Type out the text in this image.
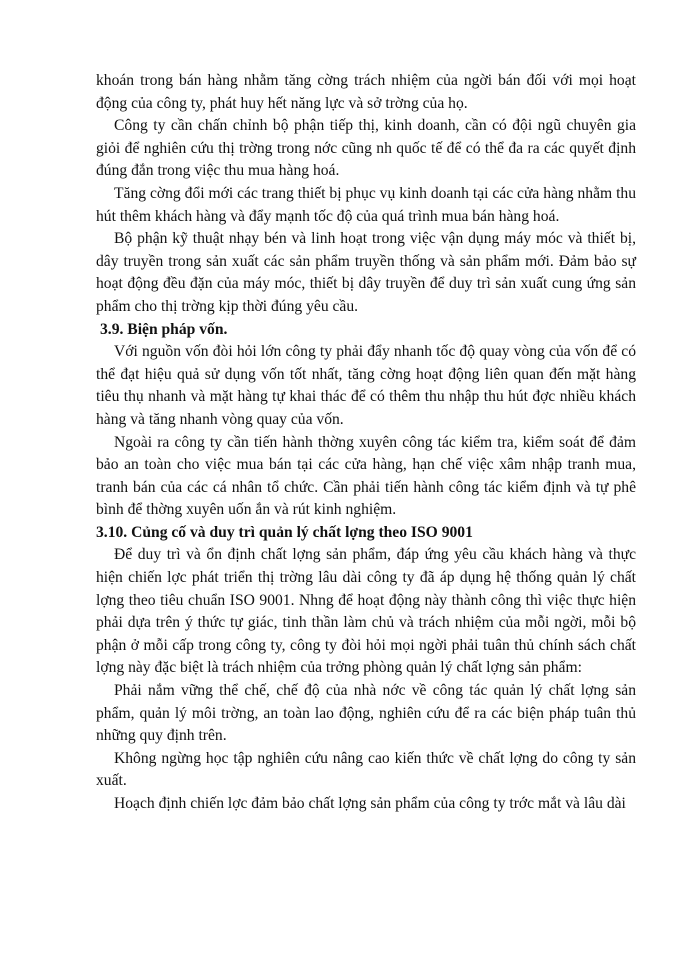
khoán trong bán hàng nhằm tăng cờng trách nhiệm của ngời bán đối với mọi hoạt động của công ty, phát huy hết năng lực và sở trờng của họ.

Công ty cần chấn chỉnh bộ phận tiếp thị, kinh doanh, cần có đội ngũ chuyên gia giỏi để nghiên cứu thị trờng trong nớc cũng nh quốc tế để có thể đa ra các quyết định đúng đắn trong việc thu mua hàng hoá.

Tăng cờng đổi mới các trang thiết bị phục vụ kinh doanh tại các cửa hàng nhằm thu hút thêm khách hàng và đẩy mạnh tốc độ của quá trình mua bán hàng hoá.

Bộ phận kỹ thuật nhạy bén và linh hoạt trong việc vận dụng máy móc và thiết bị, dây truyền trong sản xuất các sản phẩm truyền thống và sản phẩm mới. Đảm bảo sự hoạt động đều đặn của máy móc, thiết bị dây truyền để duy trì sản xuất cung ứng sản phẩm cho thị trờng kịp thời đúng yêu cầu.

3.9. Biện pháp vốn.

Với nguồn vốn đòi hỏi lớn công ty phải đẩy nhanh tốc độ quay vòng của vốn để có thể đạt hiệu quả sử dụng vốn tốt nhất, tăng cờng hoạt động liên quan đến mặt hàng tiêu thụ nhanh và mặt hàng tự khai thác để có thêm thu nhập thu hút đợc nhiều khách hàng và tăng nhanh vòng quay của vốn.

Ngoài ra công ty cần tiến hành thờng xuyên công tác kiểm tra, kiểm soát để đảm bảo an toàn cho việc mua bán tại các cửa hàng, hạn chế việc xâm nhập tranh mua, tranh bán của các cá nhân tổ chức. Cần phải tiến hành công tác kiểm định và tự phê bình để thờng xuyên uốn ắn và rút kinh nghiệm.

3.10. Củng cố và duy trì quản lý chất lợng theo ISO 9001

Để duy trì và ổn định chất lợng sản phẩm, đáp ứng yêu cầu khách hàng và thực hiện chiến lợc phát triển thị trờng lâu dài công ty đã áp dụng hệ thống quản lý chất lợng theo tiêu chuẩn ISO 9001. Nhng để hoạt động này thành công thì việc thực hiện phải dựa trên ý thức tự giác, tinh thần làm chủ và trách nhiệm của mỗi ngời, mỗi bộ phận ở mỗi cấp trong công ty, công ty đòi hỏi mọi ngời phải tuân thủ chính sách chất lợng này đặc biệt là trách nhiệm của trởng phòng quản lý chất lợng sản phẩm:

Phải nắm vững thể chế, chế độ của nhà nớc về công tác quản lý chất lợng sản phẩm, quản lý môi trờng, an toàn lao động, nghiên cứu để ra các biện pháp tuân thủ những quy định trên.

Không ngừng học tập nghiên cứu nâng cao kiến thức về chất lợng do công ty sản xuất.

Hoạch định chiến lợc đảm bảo chất lợng sản phẩm của công ty trớc mắt và lâu dài
